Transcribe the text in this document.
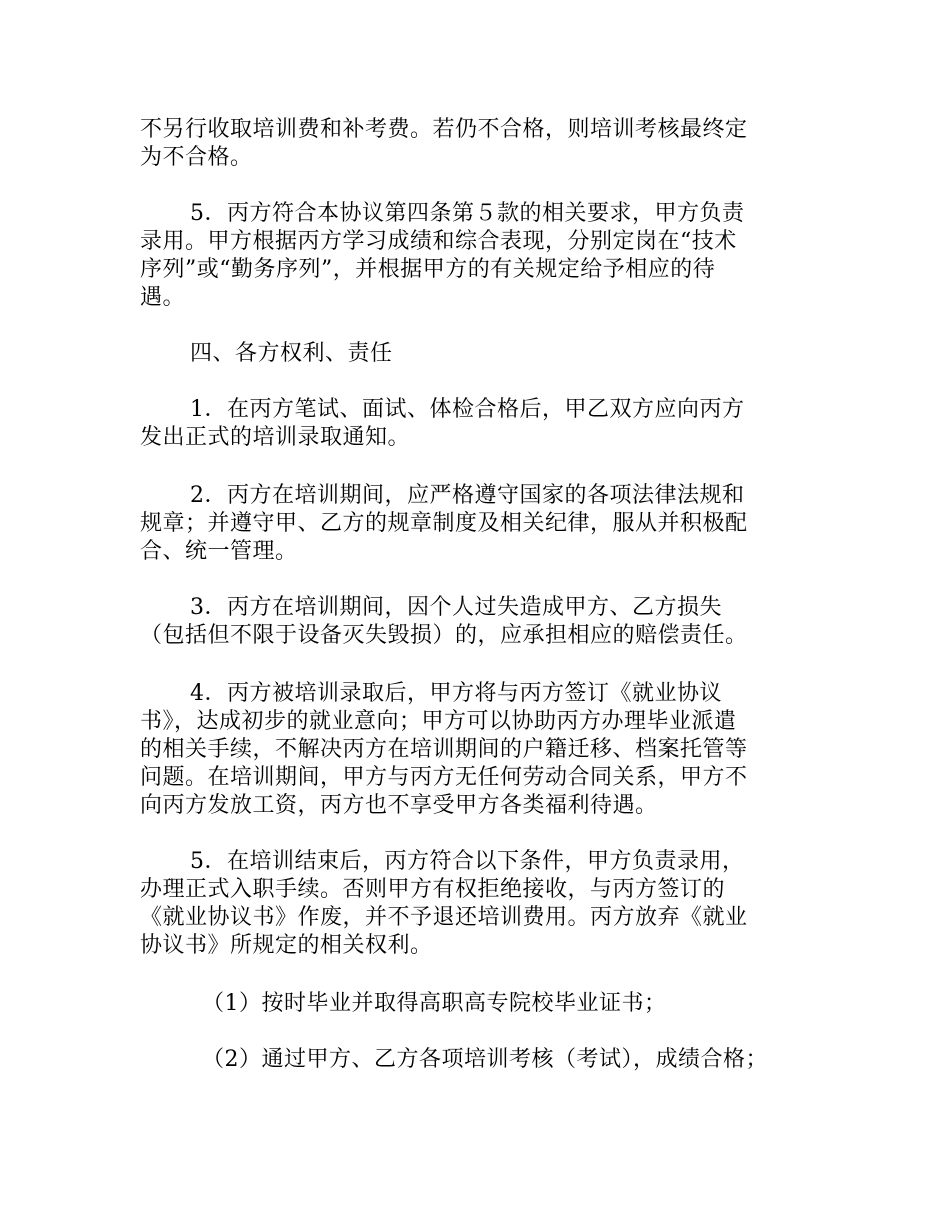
不另行收取培训费和补考费。若仍不合格，则培训考核最终定
为不合格。
5．丙方符合本协议第四条第５款的相关要求，甲方负责
录用。甲方根据丙方学习成绩和综合表现，分别定岗在“技术
序列”或“勤务序列”，并根据甲方的有关规定给予相应的待
遇。
四、各方权利、责任
1．在丙方笔试、面试、体检合格后，甲乙双方应向丙方
发出正式的培训录取通知。
2．丙方在培训期间，应严格遵守国家的各项法律法规和
规章；并遵守甲、乙方的规章制度及相关纪律，服从并积极配
合、统一管理。
3．丙方在培训期间，因个人过失造成甲方、乙方损失
（包括但不限于设备灭失毁损）的，应承担相应的赔偿责任。
4．丙方被培训录取后，甲方将与丙方签订《就业协议
书》，达成初步的就业意向；甲方可以协助丙方办理毕业派遣
的相关手续，不解决丙方在培训期间的户籍迁移、档案托管等
问题。在培训期间，甲方与丙方无任何劳动合同关系，甲方不
向丙方发放工资，丙方也不享受甲方各类福利待遇。
5．在培训结束后，丙方符合以下条件，甲方负责录用，
办理正式入职手续。否则甲方有权拒绝接收，与丙方签订的
《就业协议书》作废，并不予退还培训费用。丙方放弃《就业
协议书》所规定的相关权利。
（1）按时毕业并取得高职高专院校毕业证书；
（2）通过甲方、乙方各项培训考核（考试），成绩合格；
